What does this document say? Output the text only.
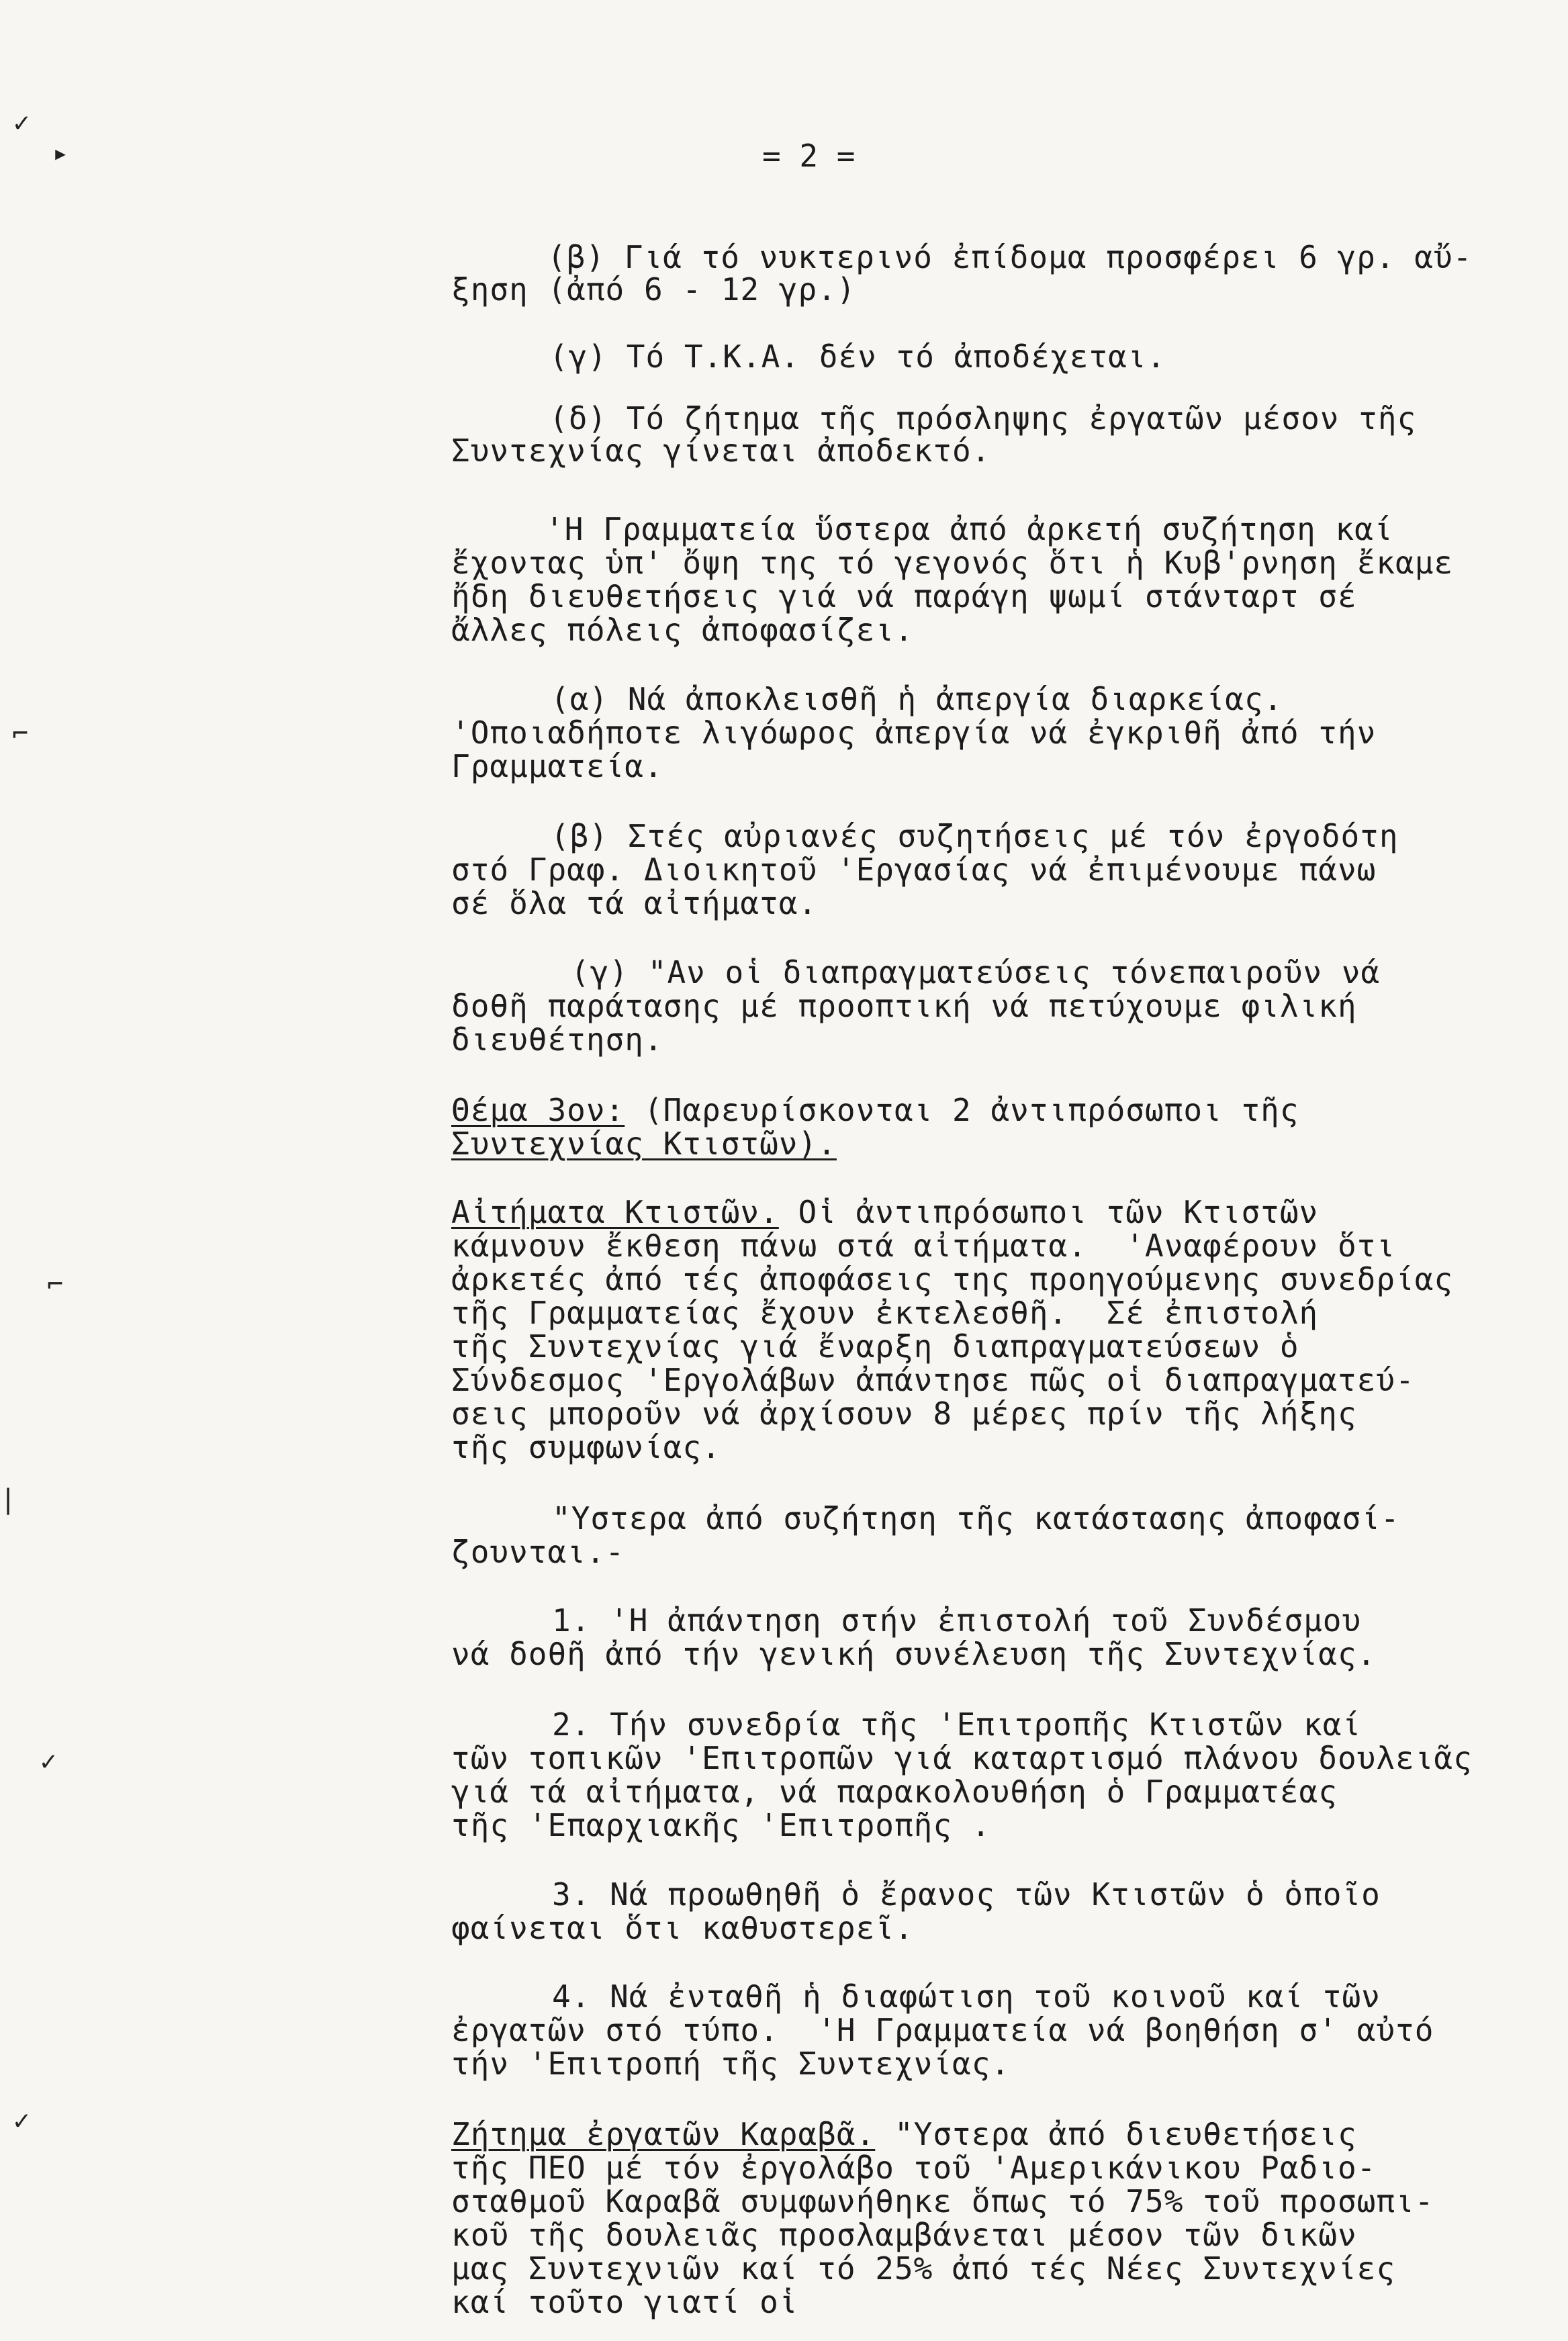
= 2 =
(β) Γιά τό νυκτερινό ἐπίδομα προσφέρει 6 γρ. αὔ-
ξηση (ἀπό 6 - 12 γρ.)
(γ) Τό Τ.Κ.Α. δέν τό ἀποδέχεται.
(δ) Τό ζήτημα τῆς πρόσληψης ἐργατῶν μέσον τῆς
Συντεχνίας γίνεται ἀποδεκτό.
'Η Γραμματεία ὕστερα ἀπό ἀρκετή συζήτηση καί
ἔχοντας ὑπ' ὄψη της τό γεγονός ὅτι ἡ Κυβ'ρνηση ἔκαμε
ἤδη διευθετήσεις γιά νά παράγη ψωμί στάνταρτ σέ
ἄλλες πόλεις ἀποφασίζει.
(α) Νά ἀποκλεισθῆ ἡ ἀπεργία διαρκείας.
'Οποιαδήποτε λιγόωρος ἀπεργία νά ἐγκριθῆ ἀπό τήν
Γραμματεία.
(β) Στές αὐριανές συζητήσεις μέ τόν ἐργοδότη
στό Γραφ. Διοικητοῦ 'Εργασίας νά ἐπιμένουμε πάνω
σέ ὅλα τά αἰτήματα.
(γ) "Αν οἱ διαπραγματεύσεις τόνεπαιροῦν νά
δοθῆ παράτασης μέ προοπτική νά πετύχουμε φιλική
διευθέτηση.
Θέμα 3ον: (Παρευρίσκονται 2 ἀντιπρόσωποι τῆς
Συντεχνίας Κτιστῶν).
Αἰτήματα Κτιστῶν. Οἱ ἀντιπρόσωποι τῶν Κτιστῶν
κάμνουν ἔκθεση πάνω στά αἰτήματα.  'Αναφέρουν ὅτι
ἀρκετές ἀπό τές ἀποφάσεις της προηγούμενης συνεδρίας
τῆς Γραμματείας ἔχουν ἐκτελεσθῆ.  Σέ ἐπιστολή
τῆς Συντεχνίας γιά ἔναρξη διαπραγματεύσεων ὁ
Σύνδεσμος 'Εργολάβων ἀπάντησε πῶς οἱ διαπραγματεύ-
σεις μποροῦν νά ἀρχίσουν 8 μέρες πρίν τῆς λήξης
τῆς συμφωνίας.
"Υστερα ἀπό συζήτηση τῆς κατάστασης ἀποφασί-
ζουνται.-
1. 'Η ἀπάντηση στήν ἐπιστολή τοῦ Συνδέσμου
νά δοθῆ ἀπό τήν γενική συνέλευση τῆς Συντεχνίας.
2. Τήν συνεδρία τῆς 'Επιτροπῆς Κτιστῶν καί
τῶν τοπικῶν 'Επιτροπῶν γιά καταρτισμό πλάνου δουλειᾶς
γιά τά αἰτήματα, νά παρακολουθήση ὁ Γραμματέας
τῆς 'Επαρχιακῆς 'Επιτροπῆς .
3. Νά προωθηθῆ ὁ ἔρανος τῶν Κτιστῶν ὁ ὁποῖο
φαίνεται ὅτι καθυστερεῖ.
4. Νά ἐνταθῆ ἡ διαφώτιση τοῦ κοινοῦ καί τῶν
ἐργατῶν στό τύπο.  'Η Γραμματεία νά βοηθήση σ' αὐτό
τήν 'Επιτροπή τῆς Συντεχνίας.
Ζήτημα ἐργατῶν Καραβᾶ. "Υστερα ἀπό διευθετήσεις
τῆς ΠΕΟ μέ τόν ἐργολάβο τοῦ 'Αμερικάνικου Ραδιο-
σταθμοῦ Καραβᾶ συμφωνήθηκε ὅπως τό 75% τοῦ προσωπι-
κοῦ τῆς δουλειᾶς προσλαμβάνεται μέσον τῶν δικῶν
μας Συντεχνιῶν καί τό 25% ἀπό τές Νέες Συντεχνίες
καί τοῦτο γιατί οἱ
✓
▸
⌐
⌐
|
✓
✓
